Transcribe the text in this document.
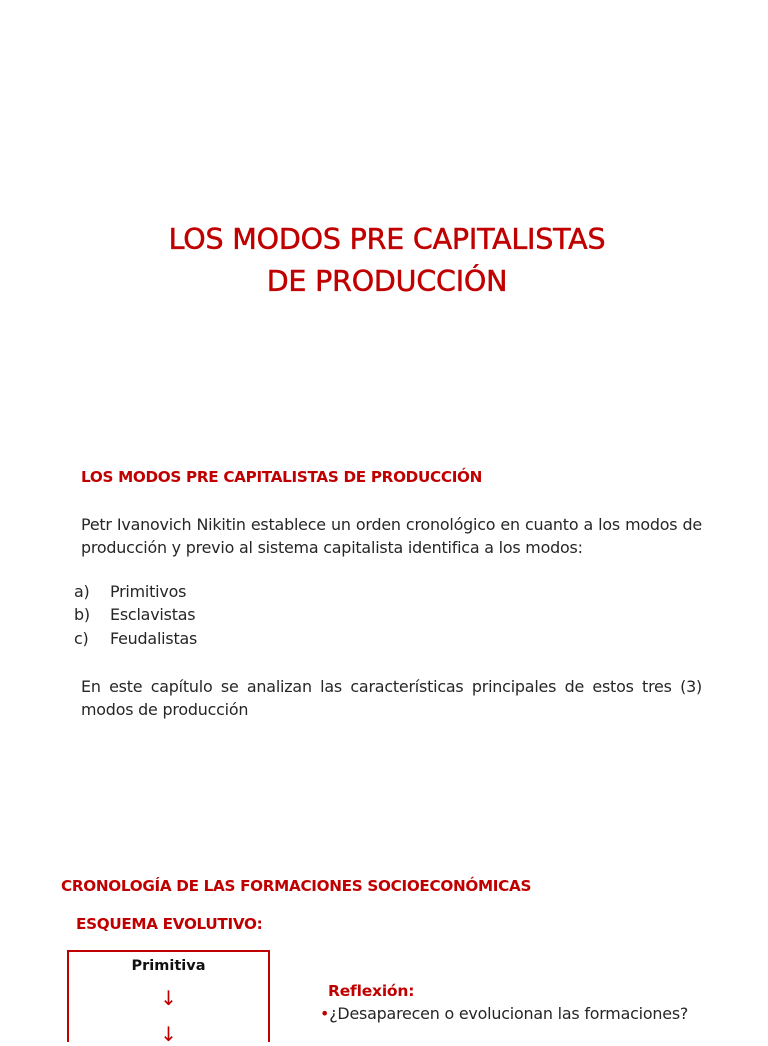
LOS MODOS PRE CAPITALISTAS
DE PRODUCCIÓN
LOS MODOS PRE CAPITALISTAS DE PRODUCCIÓN

Petr Ivanovich Nikitin establece un orden cronológico en cuanto a los modos de producción y previo al sistema capitalista identifica a los modos:

a)	Primitivos
b)	Esclavistas
c)	Feudalistas

En este capítulo se analizan las características principales de estos tres (3) modos de producción

CRONOLOGÍA DE LAS FORMACIONES SOCIOECONÓMICAS
ESQUEMA EVOLUTIVO:
Primitiva
↓
↓
Reflexión:
•¿Desaparecen o evolucionan las formaciones?
